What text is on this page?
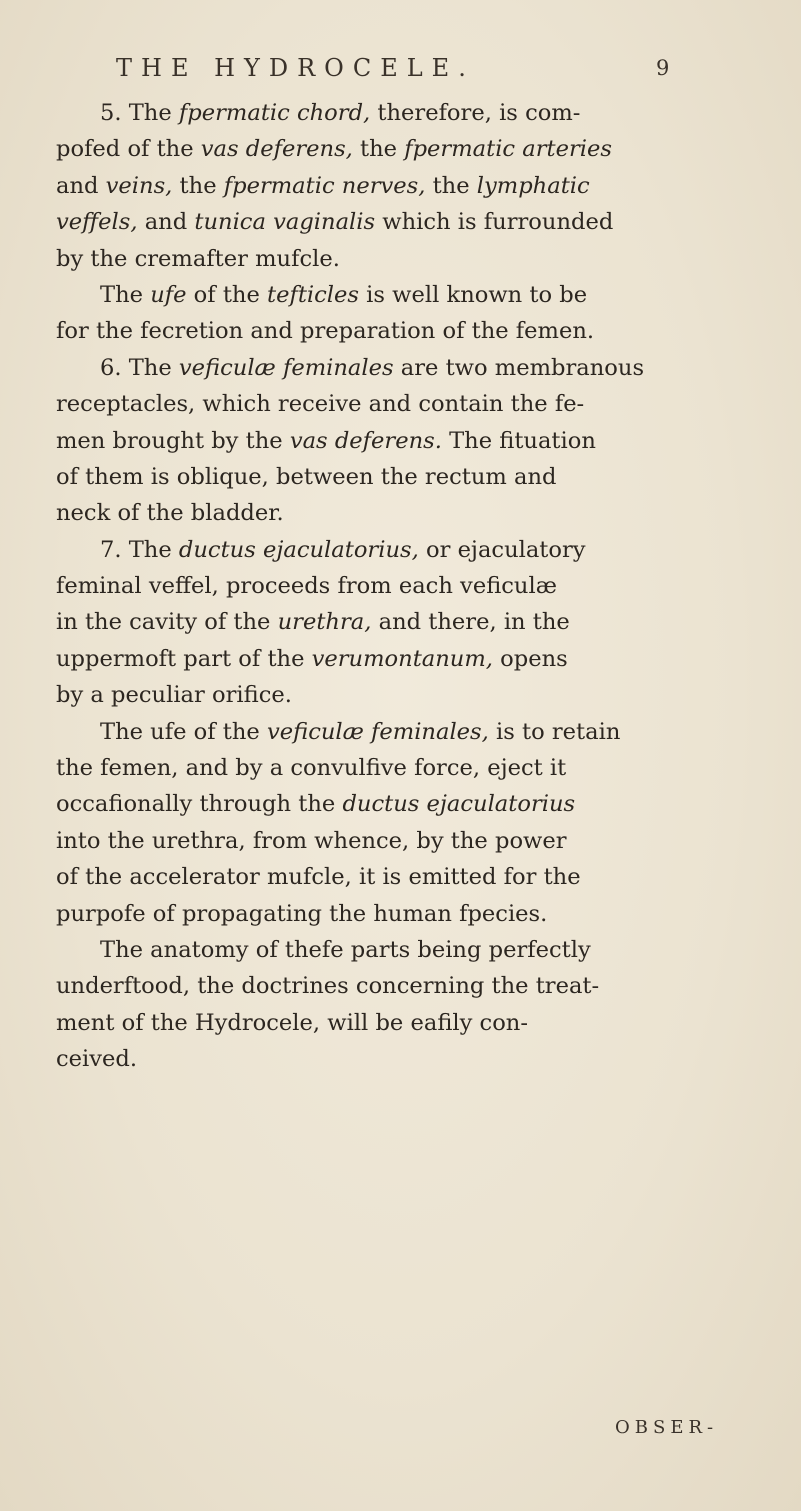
THE HYDROCELE.	9
5. The fpermatic chord, therefore, is com-
pofed of the vas deferens, the fpermatic arteries
and veins, the fpermatic nerves, the lymphatic
veffels, and tunica vaginalis which is furrounded
by the cremafter mufcle.
The ufe of the tefticles is well known to be
for the fecretion and preparation of the femen.
6. The veficulæ feminales are two membranous
receptacles, which receive and contain the fe-
men brought by the vas deferens. The fituation
of them is oblique, between the rectum and
neck of the bladder.
7. The ductus ejaculatorius, or ejaculatory
feminal veffel, proceeds from each veficulæ
in the cavity of the urethra, and there, in the
uppermoft part of the verumontanum, opens
by a peculiar orifice.
The ufe of the veficulæ feminales, is to retain
the femen, and by a convulfive force, eject it
occafionally through the ductus ejaculatorius
into the urethra, from whence, by the power
of the accelerator mufcle, it is emitted for the
purpofe of propagating the human fpecies.
The anatomy of thefe parts being perfectly
underftood, the doctrines concerning the treat-
ment of the Hydrocele, will be eafily con-
ceived.
OBSER-
